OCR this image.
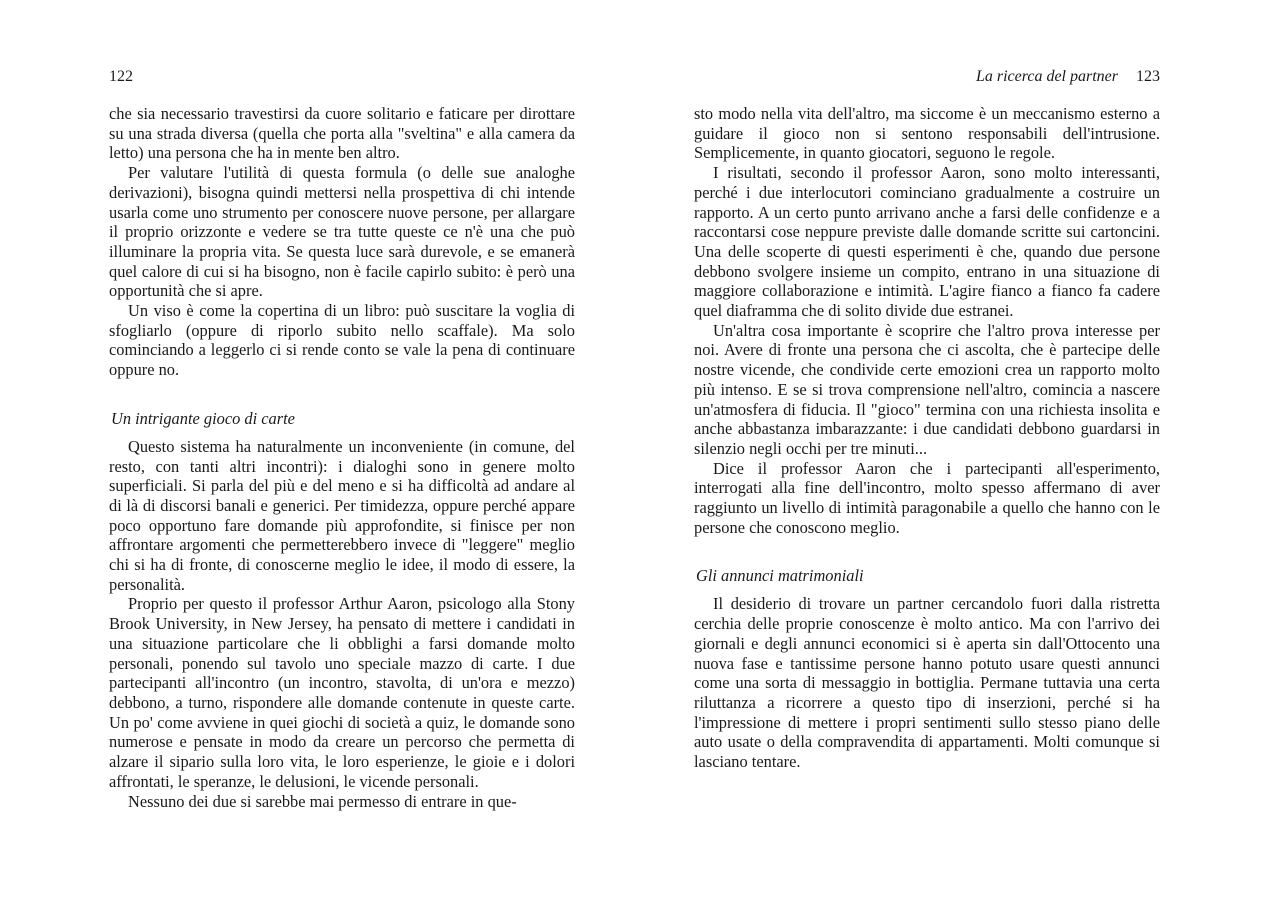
122

che sia necessario travestirsi da cuore solitario e faticare per dirottare su una strada diversa (quella che porta alla "sveltina" e alla camera da letto) una persona che ha in mente ben altro.

Per valutare l'utilità di questa formula (o delle sue analoghe derivazioni), bisogna quindi mettersi nella prospettiva di chi intende usarla come uno strumento per conoscere nuove persone, per allargare il proprio orizzonte e vedere se tra tutte queste ce n'è una che può illuminare la propria vita. Se questa luce sarà durevole, e se emanerà quel calore di cui si ha bisogno, non è facile capirlo subito: è però una opportunità che si apre.

Un viso è come la copertina di un libro: può suscitare la voglia di sfogliarlo (oppure di riporlo subito nello scaffale). Ma solo cominciando a leggerlo ci si rende conto se vale la pena di continuare oppure no.

Un intrigante gioco di carte

Questo sistema ha naturalmente un inconveniente (in comune, del resto, con tanti altri incontri): i dialoghi sono in genere molto superficiali. Si parla del più e del meno e si ha difficoltà ad andare al di là di discorsi banali e generici. Per timidezza, oppure perché appare poco opportuno fare domande più approfondite, si finisce per non affrontare argomenti che permetterebbero invece di "leggere" meglio chi si ha di fronte, di conoscerne meglio le idee, il modo di essere, la personalità.

Proprio per questo il professor Arthur Aaron, psicologo alla Stony Brook University, in New Jersey, ha pensato di mettere i candidati in una situazione particolare che li obblighi a farsi domande molto personali, ponendo sul tavolo uno speciale mazzo di carte. I due partecipanti all'incontro (un incontro, stavolta, di un'ora e mezzo) debbono, a turno, rispondere alle domande contenute in queste carte. Un po' come avviene in quei giochi di società a quiz, le domande sono numerose e pensate in modo da creare un percorso che permetta di alzare il sipario sulla loro vita, le loro esperienze, le gioie e i dolori affrontati, le speranze, le delusioni, le vicende personali.

Nessuno dei due si sarebbe mai permesso di entrare in que-

La ricerca del partner 123

sto modo nella vita dell'altro, ma siccome è un meccanismo esterno a guidare il gioco non si sentono responsabili dell'intrusione. Semplicemente, in quanto giocatori, seguono le regole.

I risultati, secondo il professor Aaron, sono molto interessanti, perché i due interlocutori cominciano gradualmente a costruire un rapporto. A un certo punto arrivano anche a farsi delle confidenze e a raccontarsi cose neppure previste dalle domande scritte sui cartoncini. Una delle scoperte di questi esperimenti è che, quando due persone debbono svolgere insieme un compito, entrano in una situazione di maggiore collaborazione e intimità. L'agire fianco a fianco fa cadere quel diaframma che di solito divide due estranei.

Un'altra cosa importante è scoprire che l'altro prova interesse per noi. Avere di fronte una persona che ci ascolta, che è partecipe delle nostre vicende, che condivide certe emozioni crea un rapporto molto più intenso. E se si trova comprensione nell'altro, comincia a nascere un'atmosfera di fiducia. Il "gioco" termina con una richiesta insolita e anche abbastanza imbarazzante: i due candidati debbono guardarsi in silenzio negli occhi per tre minuti...

Dice il professor Aaron che i partecipanti all'esperimento, interrogati alla fine dell'incontro, molto spesso affermano di aver raggiunto un livello di intimità paragonabile a quello che hanno con le persone che conoscono meglio.

Gli annunci matrimoniali

Il desiderio di trovare un partner cercandolo fuori dalla ristretta cerchia delle proprie conoscenze è molto antico. Ma con l'arrivo dei giornali e degli annunci economici si è aperta sin dall'Ottocento una nuova fase e tantissime persone hanno potuto usare questi annunci come una sorta di messaggio in bottiglia. Permane tuttavia una certa riluttanza a ricorrere a questo tipo di inserzioni, perché si ha l'impressione di mettere i propri sentimenti sullo stesso piano delle auto usate o della compravendita di appartamenti. Molti comunque si lasciano tentare.
